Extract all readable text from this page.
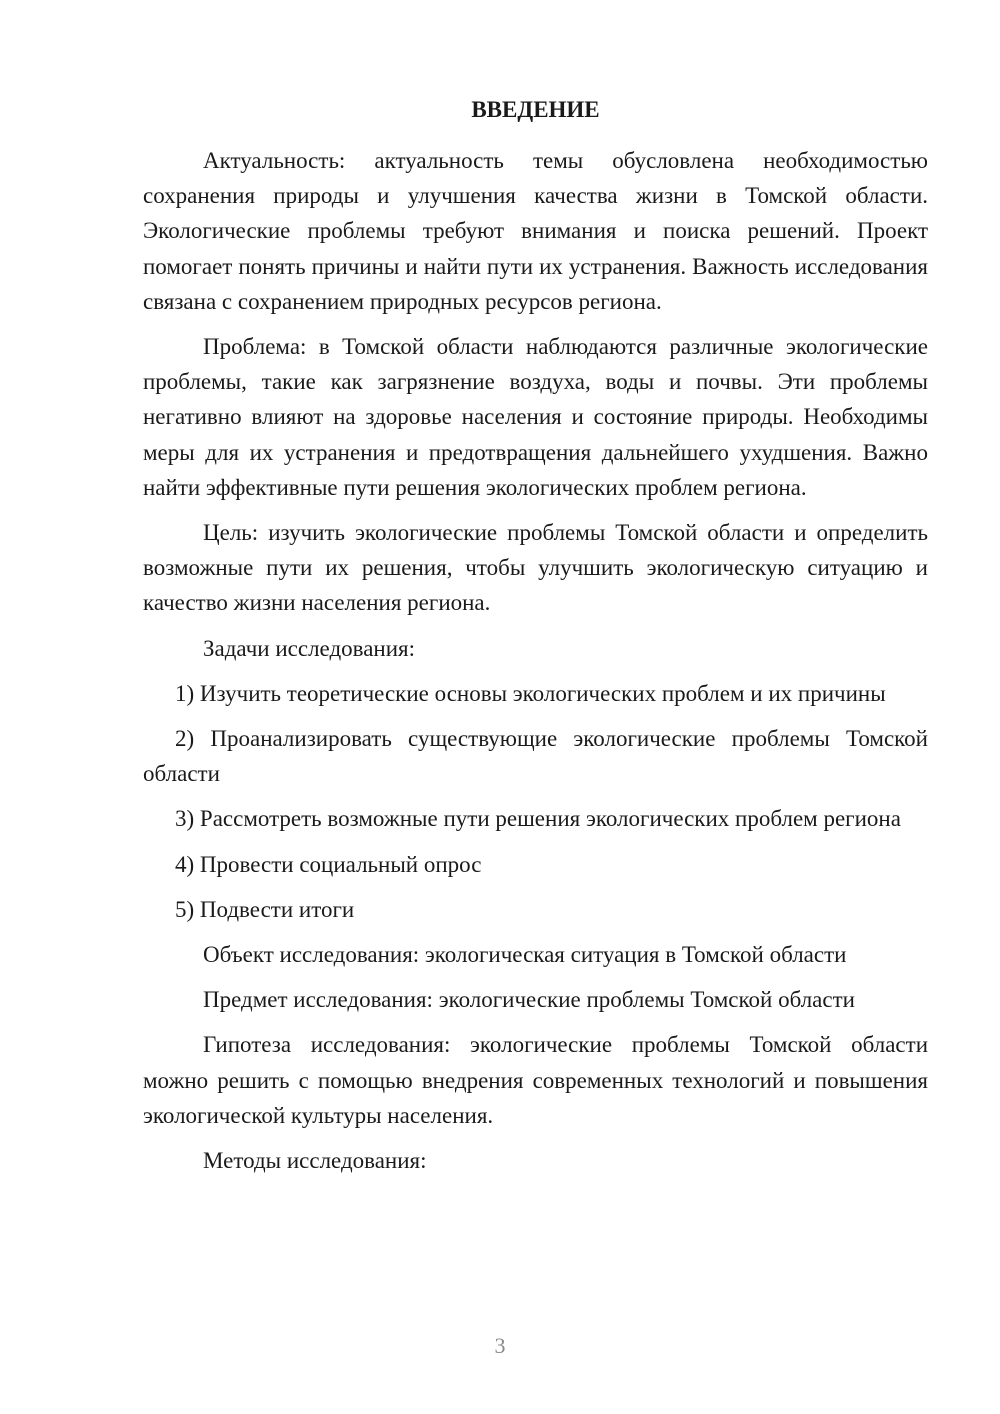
ВВЕДЕНИЕ

Актуальность: актуальность темы обусловлена необходимостью сохранения природы и улучшения качества жизни в Томской области. Экологические проблемы требуют внимания и поиска решений. Проект помогает понять причины и найти пути их устранения. Важность исследования связана с сохранением природных ресурсов региона.

Проблема: в Томской области наблюдаются различные экологические проблемы, такие как загрязнение воздуха, воды и почвы. Эти проблемы негативно влияют на здоровье населения и состояние природы. Необходимы меры для их устранения и предотвращения дальнейшего ухудшения. Важно найти эффективные пути решения экологических проблем региона.

Цель: изучить экологические проблемы Томской области и определить возможные пути их решения, чтобы улучшить экологическую ситуацию и качество жизни населения региона.

Задачи исследования:

1) Изучить теоретические основы экологических проблем и их причины

2) Проанализировать существующие экологические проблемы Томской области

3) Рассмотреть возможные пути решения экологических проблем региона

4) Провести социальный опрос

5) Подвести итоги

Объект исследования: экологическая ситуация в Томской области

Предмет исследования: экологические проблемы Томской области

Гипотеза исследования: экологические проблемы Томской области можно решить с помощью внедрения современных технологий и повышения экологической культуры населения.

Методы исследования:

3
